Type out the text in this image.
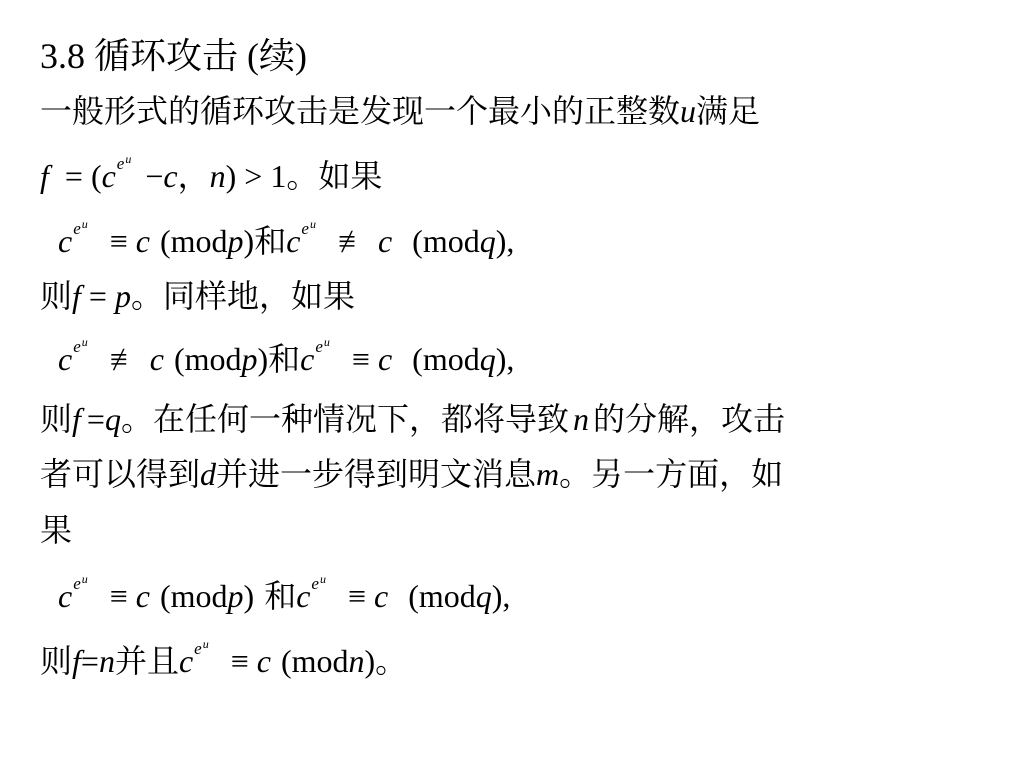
3.8 循环攻击 (续)
一般形式的循环攻击是发现一个最小的正整数u满足
$f = (ce^u -c$，n) > 1。如果
$ce^u \equiv c$ (modp)和$ce^u$ ≢ c (modq),
则f = p。同样地，如果
$ce^u$ ≢ c (modp)和$ce^u \equiv c$ (modq),
则f =q。在任何一种情况下，都将导致 n 的分解，攻击
者可以得到d并进一步得到明文消息m。另一方面，如
果
$ce^u \equiv c$ (modp) 和$ce^u \equiv c$ (modq),
则f=n并且$ce^u \equiv c$ (modn)。
